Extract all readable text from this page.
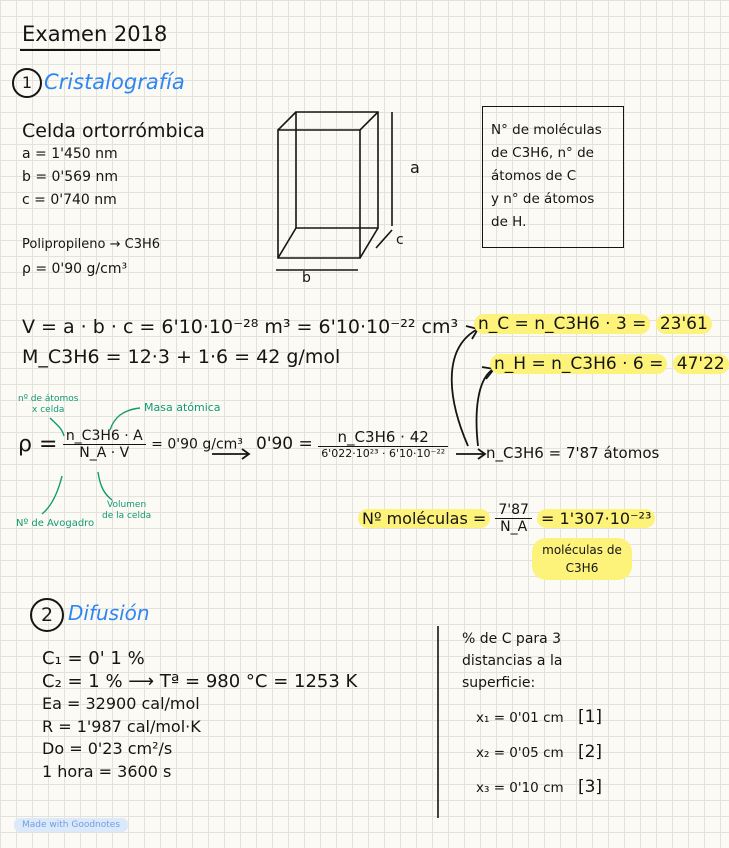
Examen 2018
1 Cristalografía
Celda ortorrómbica
a = 1'450 nm
b = 0'569 nm
c = 0'740 nm
Polipropileno → C3H6
ρ = 0'90 g/cm³
a
b
c
N° de moléculas
de C3H6, n° de
átomos de C
y n° de átomos
de H.
V = a · b · c = 6'10·10⁻²⁸ m³ = 6'10·10⁻²² cm³
M_C3H6 = 12·3 + 1·6 = 42 g/mol
n_C = n_C3H6 · 3 = 23'61
n_H = n_C3H6 · 6 = 47'22
nº de átomos
x celda	Masa atómica
Volumen
de la celda
Nº de Avogadro
$\rho = \frac{n\_C3H6 \cdot A}{N\_A \cdot V} = 0'90$ g/cm³ $0'90 = \frac{n\_C3H6 \cdot 42}{\text{6'022·10²³ · 6'10·10⁻²²}}$	n_C3H6 = 7'87 átomos
Nº moléculas = $\frac{7'87}{N\_A} = 1'307\cdot 10^{-23}$
moléculas de
C3H6
2 Difusión
C₁ = 0' 1 %
C₂ = 1 % ⟶ Tª = 980 °C = 1253 K
Ea = 32900 cal/mol
R = 1'987 cal/mol·K
Do = 0'23 cm²/s
1 hora = 3600 s
% de C para 3
distancias a la
superficie:
x₁ = 0'01 cm [1]
x₂ = 0'05 cm [2]
x₃ = 0'10 cm [3]
Made with Goodnotes
